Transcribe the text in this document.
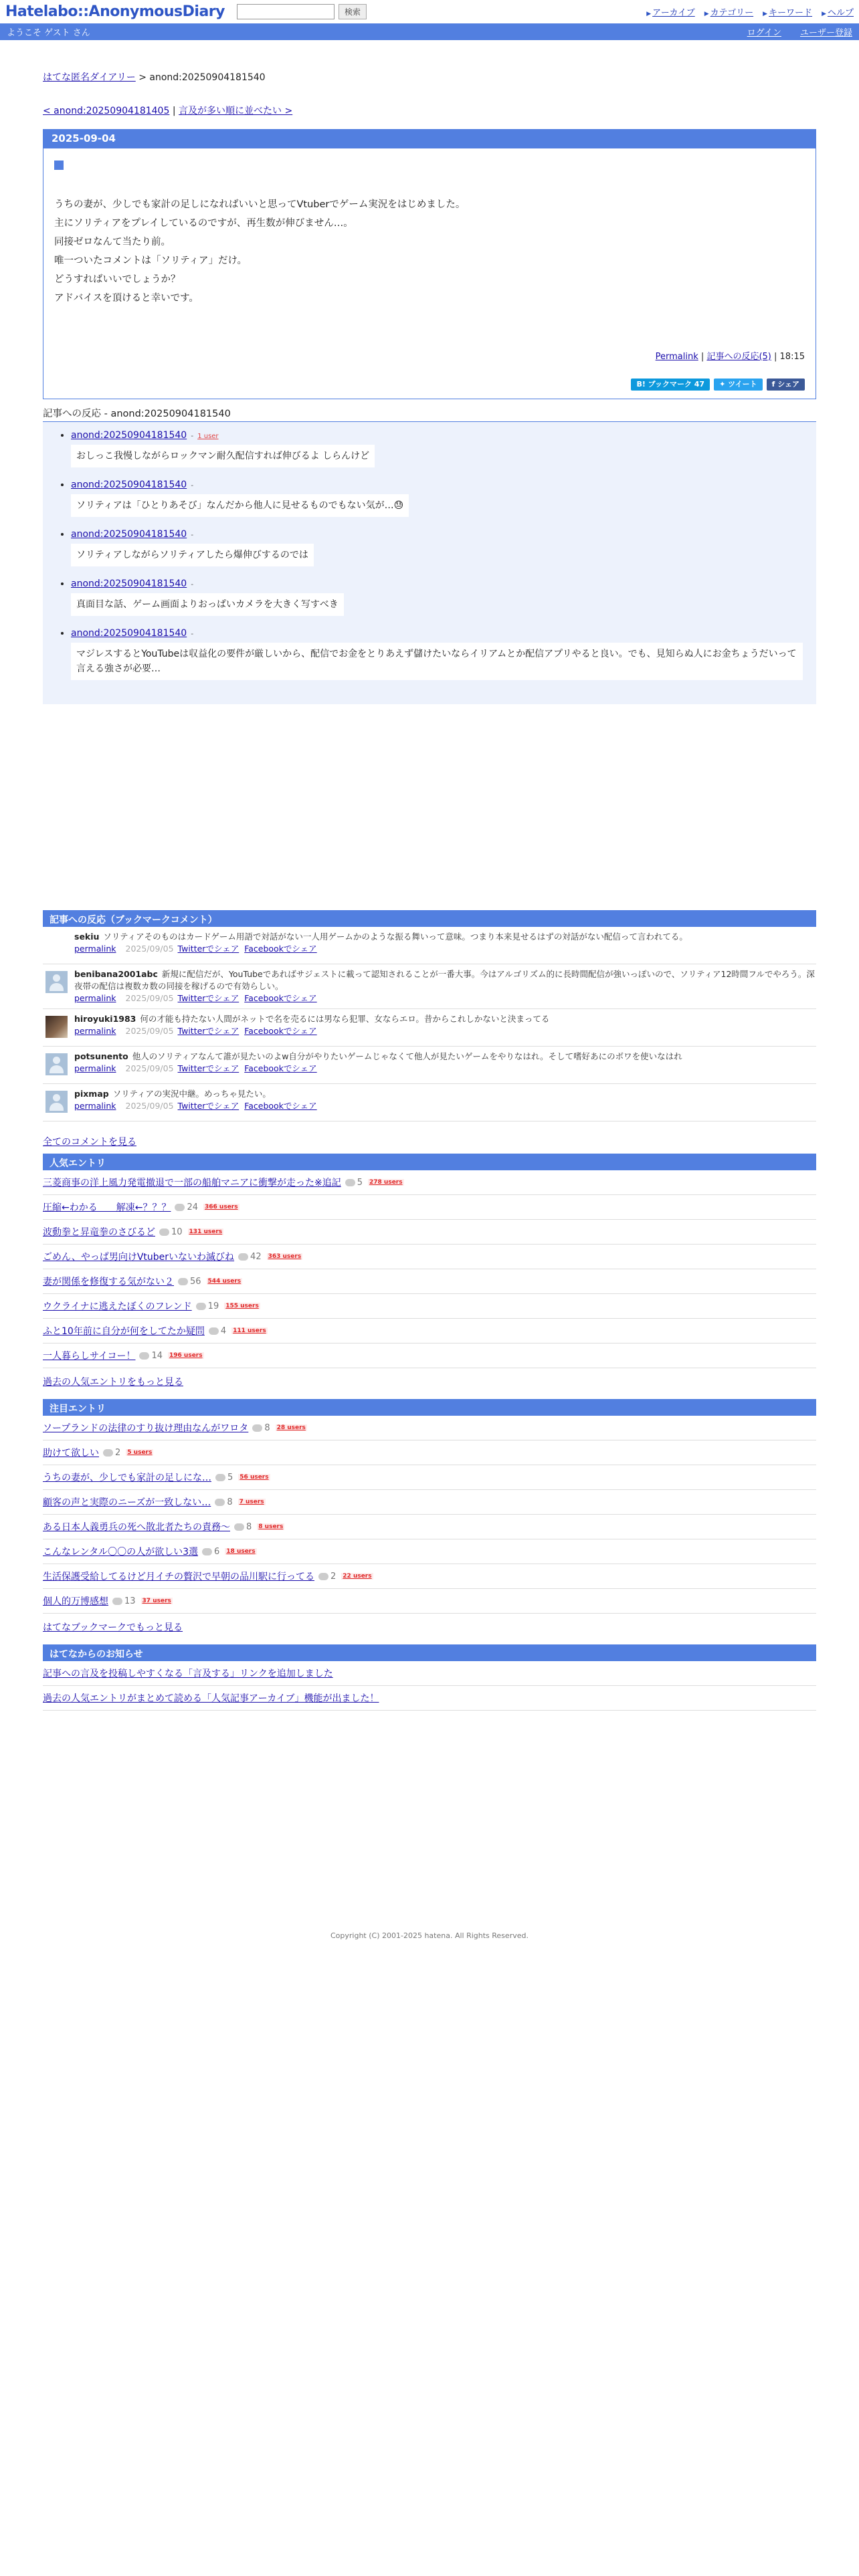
Hatelabo::AnonymousDiary	検索	▶ アーカイブ ▶ カテゴリー ▶ キーワード ▶ ヘルプ
ようこそ ゲスト さん	ログイン ユーザー登録
はてな匿名ダイアリー > anond:20250904181540
< anond:20250904181405 | 言及が多い順に並べたい >
2025-09-04

うちの妻が、少しでも家計の足しになればいいと思ってVtuberでゲーム実況をはじめました。

主にソリティアをプレイしているのですが、再生数が伸びません…。

同接ゼロなんて当たり前。

唯一ついたコメントは「ソリティア」だけ。

どうすればいいでしょうか？

アドバイスを頂けると幸いです。

Permalink | 記事への反応(5) | 18:15
B! ブックマーク 47	✦ ツイート f シェア
記事への反応 - anond:20250904181540
• anond:20250904181540 - 1 user
おしっこ我慢しながらロックマン耐久配信すれば伸びるよ しらんけど
• anond:20250904181540 -
ソリティアは「ひとりあそび」なんだから他人に見せるものでもない気が…😓
• anond:20250904181540 -
ソリティアしながらソリティアしたら爆伸びするのでは
• anond:20250904181540 -
真面目な話、ゲーム画面よりおっぱいカメラを大きく写すべき
• anond:20250904181540 -
マジレスするとYouTubeは収益化の要件が厳しいから、配信でお金をとりあえず儲けたいならイリアムとか配信アプリやると良い。でも、見知らぬ人にお金ちょうだいって言える強さが必要…
記事への反応（ブックマークコメント）
sekiu ソリティアそのものはカードゲーム用語で対話がない一人用ゲームかのような振る舞いって意味。つまり本来見せるはずの対話がない配信って言われてる。
permalink 2025/09/05 Twitterでシェア Facebookでシェア
benibana2001abc 新規に配信だが、YouTubeであればサジェストに載って認知されることが一番大事。今はアルゴリズム的に長時間配信が強いっぽいので、ソリティア12時間フルでやろう。深夜帯の配信は複数カ数の同接を稼げるので有効らしい。
permalink 2025/09/05 Twitterでシェア Facebookでシェア
hiroyuki1983 何の才能も持たない人間がネットで名を売るには男なら犯罪、女ならエロ。昔からこれしかないと決まってる
permalink 2025/09/05 Twitterでシェア Facebookでシェア
potsunento 他人のソリティアなんて誰が見たいのよw自分がやりたいゲームじゃなくて他人が見たいゲームをやりなはれ。そして嗜好あにのボワを使いなはれ
permalink 2025/09/05 Twitterでシェア Facebookでシェア
pixmap ソリティアの実況中継。めっちゃ見たい。
permalink 2025/09/05 Twitterでシェア Facebookでシェア
全てのコメントを見る
人気エントリ
三菱商事の洋上風力発電撤退で一部の船舶マニアに衝撃が走った※追記 5 278 users
圧縮←わかる　　解凍←？？？ 24 366 users
波動拳と昇竜拳のさびるど 10 131 users
ごめん、やっぱ男向けVtuberいないわ滅びね 42 363 users
妻が関係を修復する気がない２ 56 544 users
ウクライナに逃えたぼくのフレンド 19 155 users
ふと10年前に自分が何をしてたか疑問 4 111 users
一人暮らしサイコー！ 14 196 users
過去の人気エントリをもっと見る
注目エントリ
ソープランドの法律のすり抜け理由なんがワロタ 8 28 users
助けて欲しい 2 5 users
うちの妻が、少しでも家計の足しにな… 5 56 users
顧客の声と実際のニーズが一致しない… 8 7 users
ある日本人義勇兵の死へ散北者たちの責務〜 8 8 users
こんなレンタル〇〇の人が欲しい3選 6 18 users
生活保護受給してるけど月イチの贅沢で早朝の品川駅に行ってる 2 22 users
個人的万博感想 13 37 users
はてなブックマークでもっと見る
はてなからのお知らせ
記事への言及を投稿しやすくなる「言及する」リンクを追加しました
過去の人気エントリがまとめて読める「人気記事アーカイブ」機能が出ました！
Copyright (C) 2001-2025 hatena. All Rights Reserved.
